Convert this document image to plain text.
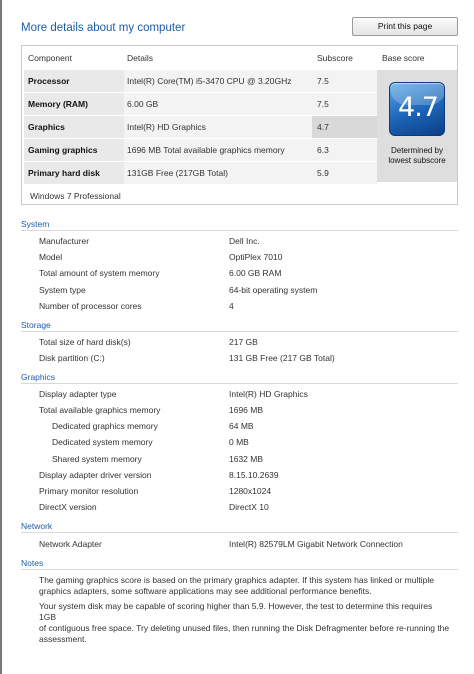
More details about my computer	Print this page
Component	Details	Subscore	Base score
Processor	Intel(R) Core(TM) i5-3470 CPU @ 3.20GHz	7.5
Memory (RAM)	6.00 GB	7.5
Graphics	Intel(R) HD Graphics	4.7
Gaming graphics	1696 MB Total available graphics memory	6.3
Primary hard disk	131GB Free (217GB Total)	5.9
4.7
Determined by
lowest subscore
Windows 7 Professional
System
Manufacturer	Dell Inc.
Model	OptiPlex 7010
Total amount of system memory	6.00 GB RAM
System type	64-bit operating system
Number of processor cores	4
Storage
Total size of hard disk(s)	217 GB
Disk partition (C:)	131 GB Free (217 GB Total)
Graphics
Display adapter type	Intel(R) HD Graphics
Total available graphics memory	1696 MB
Dedicated graphics memory	64 MB
Dedicated system memory	0 MB
Shared system memory	1632 MB
Display adapter driver version	8.15.10.2639
Primary monitor resolution	1280x1024
DirectX version	DirectX 10
Network
Network Adapter	Intel(R) 82579LM Gigabit Network Connection
Notes
The gaming graphics score is based on the primary graphics adapter. If this system has linked or multiple
graphics adapters, some software applications may see additional performance benefits.
Your system disk may be capable of scoring higher than 5.9. However, the test to determine this requires 1GB
of contiguous free space. Try deleting unused files, then running the Disk Defragmenter before re-running the
assessment.
